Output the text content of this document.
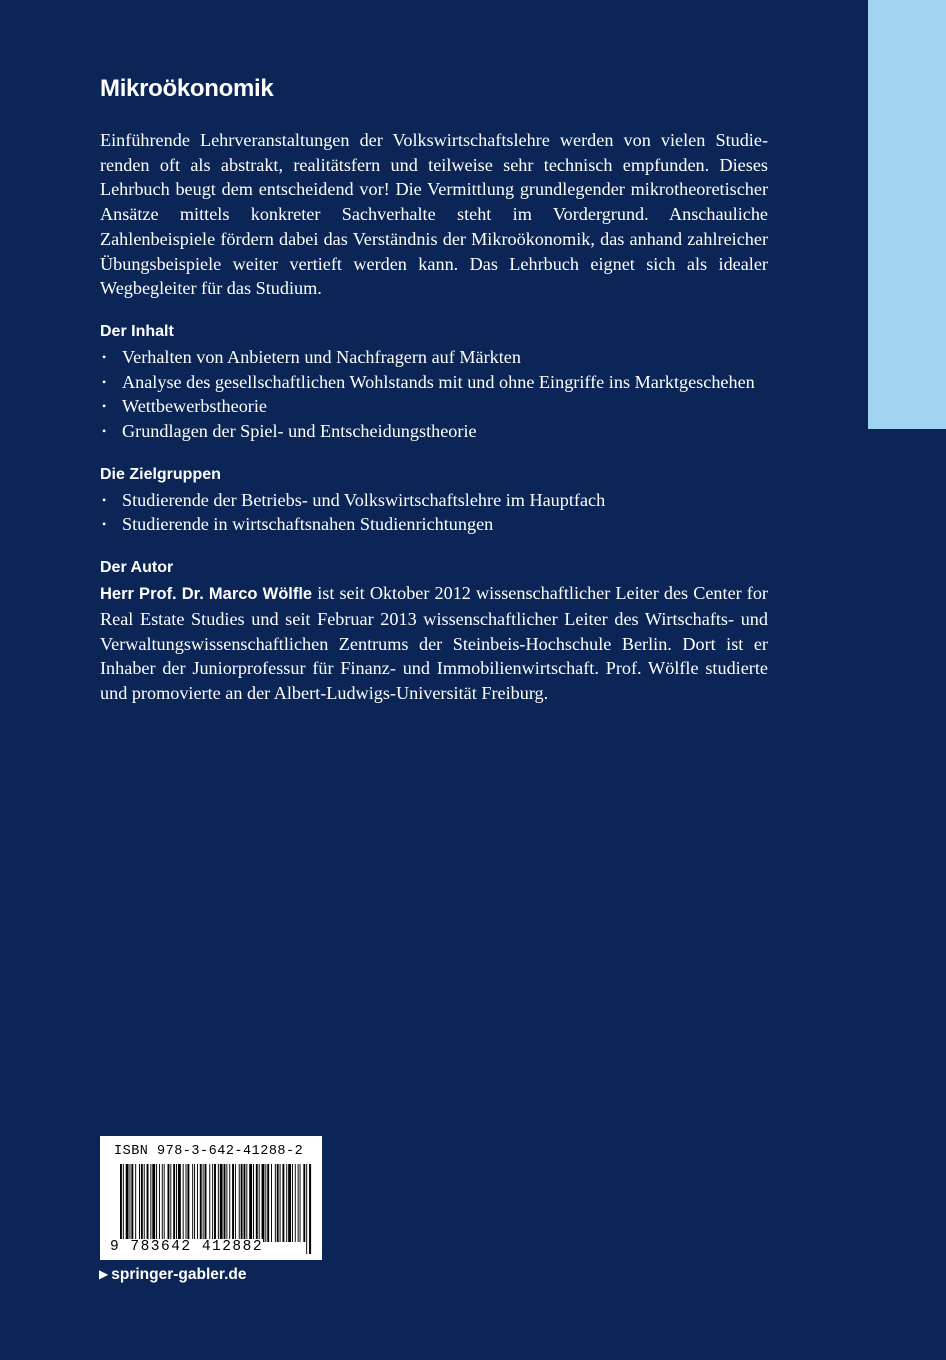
Mikroökonomik

Einführende Lehrveranstaltungen der Volkswirtschaftslehre werden von vielen Studierenden oft als abstrakt, realitätsfern und teilweise sehr technisch empfunden. Dieses Lehrbuch beugt dem entscheidend vor! Die Vermittlung grundlegender mikrotheoretischer Ansätze mittels konkreter Sachverhalte steht im Vordergrund. Anschauliche Zahlenbeispiele fördern dabei das Verständnis der Mikroökonomik, das anhand zahlreicher Übungsbeispiele weiter vertieft werden kann. Das Lehrbuch eignet sich als idealer Wegbegleiter für das Studium.

Der Inhalt
• Verhalten von Anbietern und Nachfragern auf Märkten
• Analyse des gesellschaftlichen Wohlstands mit und ohne Eingriffe ins Marktgeschehen
• Wettbewerbstheorie
• Grundlagen der Spiel- und Entscheidungstheorie
Die Zielgruppen
• Studierende der Betriebs- und Volkswirtschaftslehre im Hauptfach
• Studierende in wirtschaftsnahen Studienrichtungen
Der Autor

Herr Prof. Dr. Marco Wölfle ist seit Oktober 2012 wissenschaftlicher Leiter des Center for Real Estate Studies und seit Februar 2013 wissenschaftlicher Leiter des Wirtschafts- und Verwaltungswissenschaftlichen Zentrums der Steinbeis-Hochschule Berlin. Dort ist er Inhaber der Juniorprofessur für Finanz- und Immobilienwirtschaft. Prof. Wölfle studierte und promovierte an der Albert-Ludwigs-Universität Freiburg.

ISBN 978-3-642-41288-2
9 783642 412882
▶ springer-gabler.de
